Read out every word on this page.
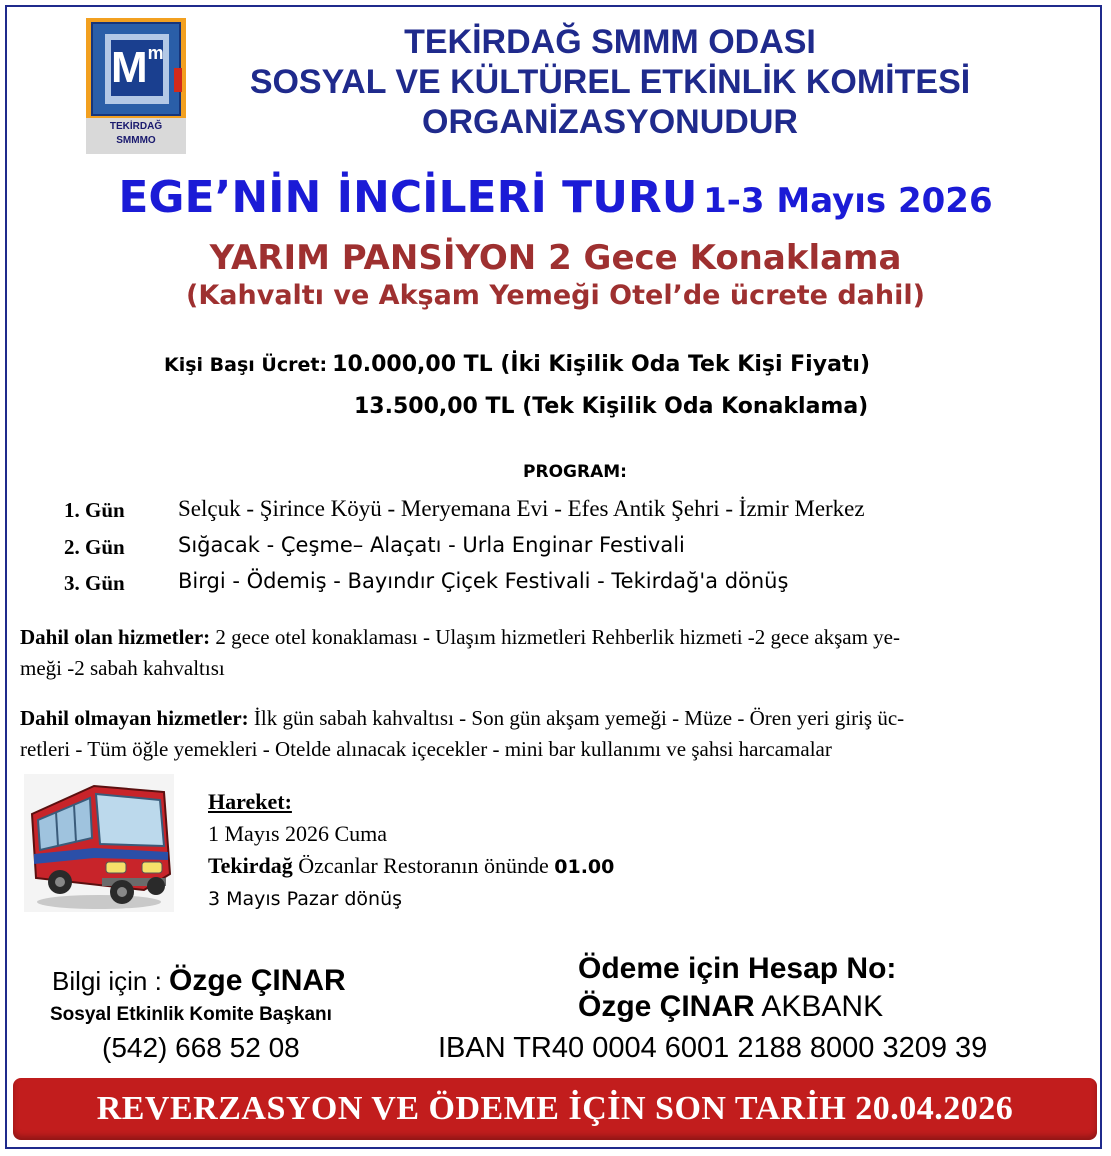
$M^m$
TEKİRDAĞ
SMMMO
TEKİRDAĞ SMMM ODASI
SOSYAL VE KÜLTÜREL ETKİNLİK KOMİTESİ
ORGANİZASYONUDUR
EGE’NİN İNCİLERİ TURU 1-3 Mayıs 2026
YARIM PANSİYON 2 Gece Konaklama
(Kahvaltı ve Akşam Yemeği Otel’de ücrete dahil)
Kişi Başı Ücret: 10.000,00 TL (İki Kişilik Oda Tek Kişi Fiyatı)
13.500,00 TL (Tek Kişilik Oda Konaklama)
PROGRAM:
1. Gün Selçuk - Şirince Köyü - Meryemana Evi - Efes Antik Şehri - İzmir Merkez
2. Gün	Sığacak - Çeşme– Alaçatı - Urla Enginar Festivali
3. Gün	Birgi - Ödemiş - Bayındır Çiçek Festivali - Tekirdağ'a dönüş
Dahil olan hizmetler: 2 gece otel konaklaması - Ulaşım hizmetleri Rehberlik hizmeti -2 gece akşam ye-
meği -2 sabah kahvaltısı
Dahil olmayan hizmetler: İlk gün sabah kahvaltısı - Son gün akşam yemeği - Müze - Ören yeri giriş üc-
retleri - Tüm öğle yemekleri - Otelde alınacak içecekler - mini bar kullanımı ve şahsi harcamalar
Hareket:
1 Mayıs 2026 Cuma
Tekirdağ Özcanlar Restoranın önünde 01.00
3 Mayıs Pazar dönüş
Bilgi için : Özge ÇINAR
Sosyal Etkinlik Komite Başkanı
(542) 668 52 08
Ödeme için Hesap No:
Özge ÇINAR AKBANK
IBAN TR40 0004 6001 2188 8000 3209 39
REVERZASYON VE ÖDEME İÇİN SON TARİH 20.04.2026
